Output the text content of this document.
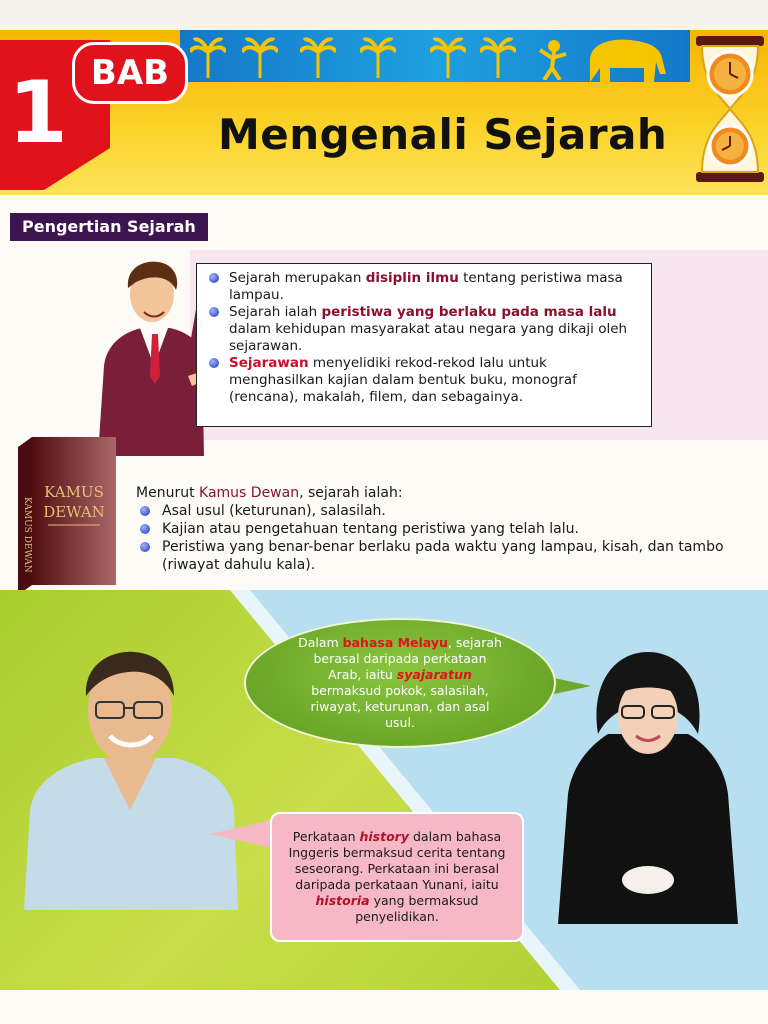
1 BAB
Mengenali Sejarah
Pengertian Sejarah
Sejarah merupakan disiplin ilmu tentang peristiwa masa lampau.
Sejarah ialah peristiwa yang berlaku pada masa lalu dalam kehidupan masyarakat atau negara yang dikaji oleh sejarawan.
Sejarawan menyelidiki rekod-rekod lalu untuk menghasilkan kajian dalam bentuk buku, monograf (rencana), makalah, filem, dan sebagainya.
KAMUS DEWAN
KAMUS
DEWAN

Menurut Kamus Dewan, sejarah ialah:

Asal usul (keturunan), salasilah.
Kajian atau pengetahuan tentang peristiwa yang telah lalu.
Peristiwa yang benar-benar berlaku pada waktu yang lampau, kisah, dan tambo (riwayat dahulu kala).
Dalam bahasa Melayu, sejarah berasal daripada perkataan Arab, iaitu syajaratun bermaksud pokok, salasilah, riwayat, keturunan, dan asal usul.
Perkataan history dalam bahasa Inggeris bermaksud cerita tentang seseorang. Perkataan ini berasal daripada perkataan Yunani, iaitu historia yang bermaksud penyelidikan.
